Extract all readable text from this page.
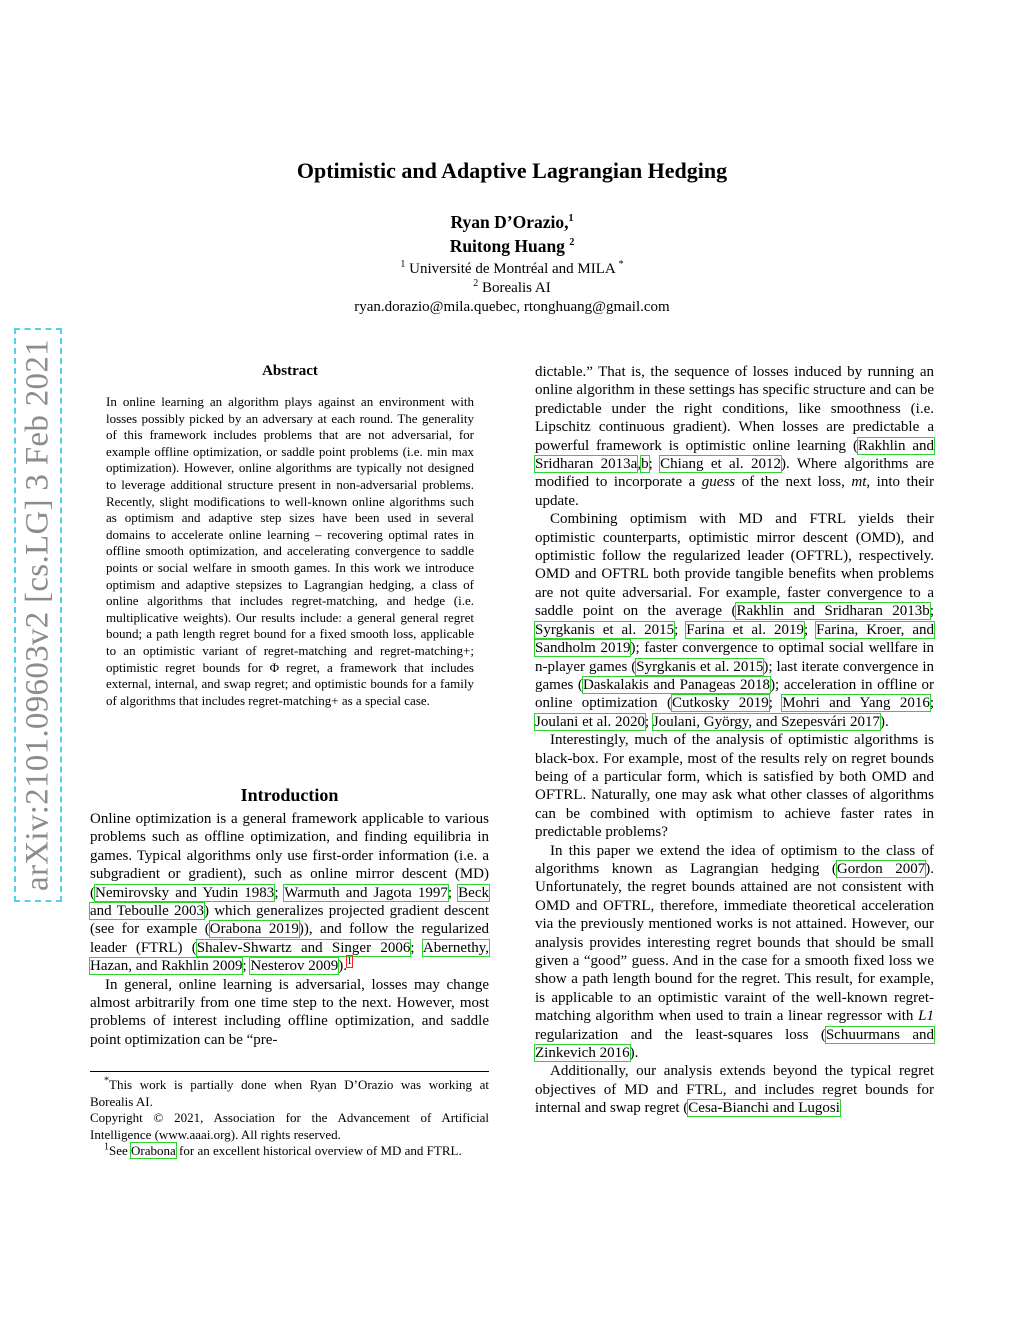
arXiv:2101.09603v2 [cs.LG] 3 Feb 2021
Optimistic and Adaptive Lagrangian Hedging
Ryan D’Orazio,$^1$
Ruitong Huang $^2$
$^1$ Université de Montréal and MILA *
$^2$ Borealis AI
ryan.dorazio@mila.quebec, rtonghuang@gmail.com
Abstract
In online learning an algorithm plays against an environment with losses possibly picked by an adversary at each round. The generality of this framework includes problems that are not adversarial, for example offline optimization, or saddle point problems (i.e. min max optimization). However, online algorithms are typically not designed to leverage additional structure present in non-adversarial problems. Recently, slight modifications to well-known online algorithms such as optimism and adaptive step sizes have been used in several domains to accelerate online learning – recovering optimal rates in offline smooth optimization, and accelerating convergence to saddle points or social welfare in smooth games. In this work we introduce optimism and adaptive stepsizes to Lagrangian hedging, a class of online algorithms that includes regret-matching, and hedge (i.e. multiplicative weights). Our results include: a general general regret bound; a path length regret bound for a fixed smooth loss, applicable to an optimistic variant of regret-matching and regret-matching+; optimistic regret bounds for Φ regret, a framework that includes external, internal, and swap regret; and optimistic bounds for a family of algorithms that includes regret-matching+ as a special case.
Introduction

Online optimization is a general framework applicable to various problems such as offline optimization, and finding equilibria in games. Typical algorithms only use first-order information (i.e. a subgradient or gradient), such as online mirror descent (MD) (Nemirovsky and Yudin 1983; Warmuth and Jagota 1997; Beck and Teboulle 2003) which generalizes projected gradient descent (see for example (Orabona 2019)), and follow the regularized leader (FTRL) (Shalev-Shwartz and Singer 2006; Abernethy, Hazan, and Rakhlin 2009; Nesterov 2009).$^1$

In general, online learning is adversarial, losses may change almost arbitrarily from one time step to the next. However, most problems of interest including offline optimization, and saddle point optimization can be “pre-

*This work is partially done when Ryan D’Orazio was working at Borealis AI.

Copyright © 2021, Association for the Advancement of Artificial Intelligence (www.aaai.org). All rights reserved.

$^1$See Orabona for an excellent historical overview of MD and FTRL.

dictable.” That is, the sequence of losses induced by running an online algorithm in these settings has specific structure and can be predictable under the right conditions, like smoothness (i.e. Lipschitz continuous gradient). When losses are predictable a powerful framework is optimistic online learning (Rakhlin and Sridharan 2013a,b; Chiang et al. 2012). Where algorithms are modified to incorporate a guess of the next loss, mt, into their update.

Combining optimism with MD and FTRL yields their optimistic counterparts, optimistic mirror descent (OMD), and optimistic follow the regularized leader (OFTRL), respectively. OMD and OFTRL both provide tangible benefits when problems are not quite adversarial. For example, faster convergence to a saddle point on the average (Rakhlin and Sridharan 2013b; Syrgkanis et al. 2015; Farina et al. 2019; Farina, Kroer, and Sandholm 2019); faster convergence to optimal social wellfare in n-player games (Syrgkanis et al. 2015); last iterate convergence in games (Daskalakis and Panageas 2018); acceleration in offline or online optimization (Cutkosky 2019; Mohri and Yang 2016; Joulani et al. 2020; Joulani, György, and Szepesvári 2017).

Interestingly, much of the analysis of optimistic algorithms is black-box. For example, most of the results rely on regret bounds being of a particular form, which is satisfied by both OMD and OFTRL. Naturally, one may ask what other classes of algorithms can be combined with optimism to achieve faster rates in predictable problems?

In this paper we extend the idea of optimism to the class of algorithms known as Lagrangian hedging (Gordon 2007). Unfortunately, the regret bounds attained are not consistent with OMD and OFTRL, therefore, immediate theoretical acceleration via the previously mentioned works is not attained. However, our analysis provides interesting regret bounds that should be small given a “good” guess. And in the case for a smooth fixed loss we show a path length bound for the regret. This result, for example, is applicable to an optimistic varaint of the well-known regret-matching algorithm when used to train a linear regressor with L1 regularization and the least-squares loss (Schuurmans and Zinkevich 2016).

Additionally, our analysis extends beyond the typical regret objectives of MD and FTRL, and includes regret bounds for internal and swap regret (Cesa-Bianchi and Lugosi
